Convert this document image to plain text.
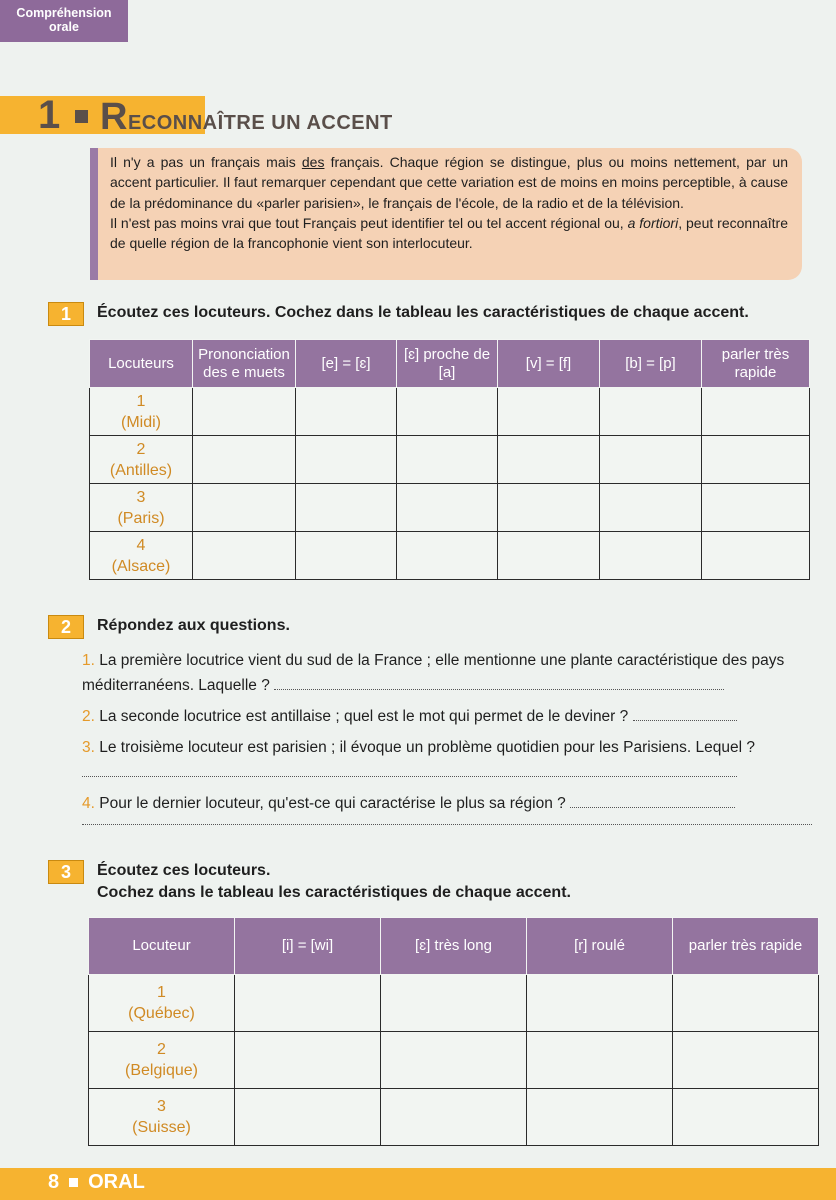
Compréhension
orale
1 RECONNAÎTRE UN ACCENT

Il n'y a pas un français mais des français. Chaque région se distingue, plus ou moins nettement, par un accent particulier. Il faut remarquer cependant que cette variation est de moins en moins perceptible, à cause de la prédominance du «parler parisien», le français de l'école, de la radio et de la télévision.

Il n'est pas moins vrai que tout Français peut identifier tel ou tel accent régional ou, a fortiori, peut reconnaître de quelle région de la francophonie vient son interlocuteur.

1	Écoutez ces locuteurs. Cochez dans le tableau les caractéristiques de chaque accent.
Locuteurs	Prononciation des e muets	[e] = [ɛ]	[ɛ] proche de [a]	[v] = [f]	[b] = [p]	parler très rapide

1
(Midi)						

2
(Antilles)						

3
(Paris)						

4
(Alsace)						

2	Répondez aux questions.
1. La première locutrice vient du sud de la France ; elle mentionne une plante caractéristique des pays méditerranéens. Laquelle ?
2. La seconde locutrice est antillaise ; quel est le mot qui permet de le deviner ?
3. Le troisième locuteur est parisien ; il évoque un problème quotidien pour les Parisiens. Lequel ?
4. Pour le dernier locuteur, qu'est-ce qui caractérise le plus sa région ?
3	Écoutez ces locuteurs.
Cochez dans le tableau les caractéristiques de chaque accent.
Locuteur	[i] = [wi]	[ɛ] très long	[r] roulé	parler très rapide

1
(Québec)				

2
(Belgique)				

3
(Suisse)				

8 ORAL
